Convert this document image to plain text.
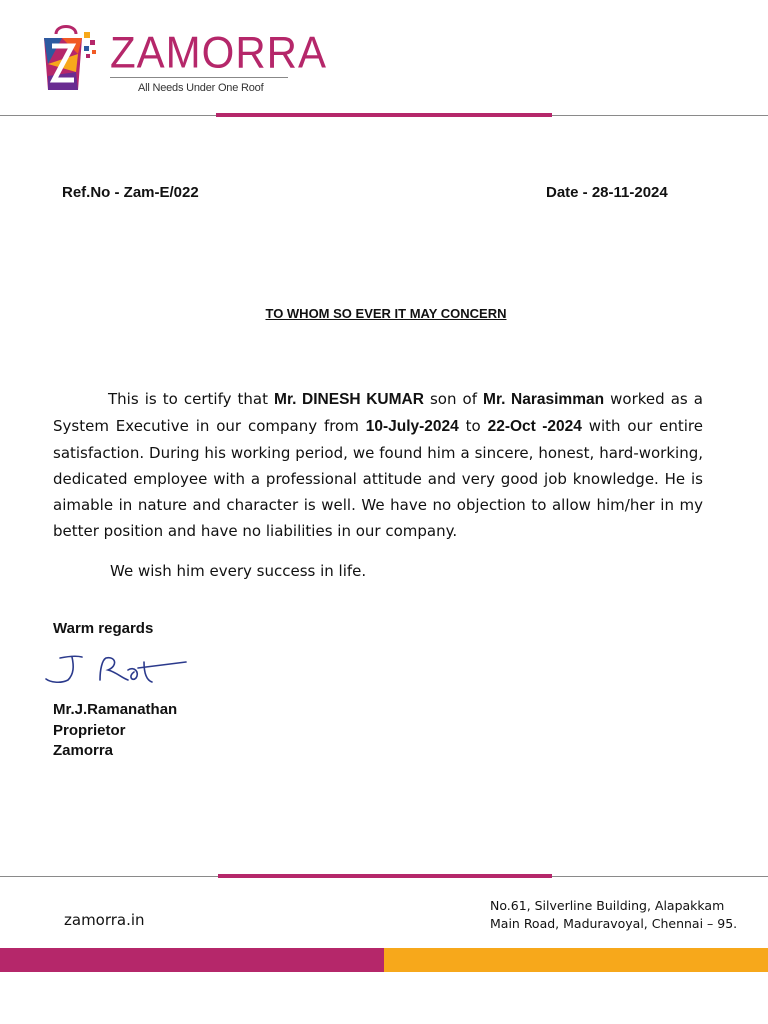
ZAMORRA
All Needs Under One Roof
Ref.No - Zam-E/022	Date - 28-11-2024
TO WHOM SO EVER IT MAY CONCERN

This is to certify that Mr. DINESH KUMAR son of Mr. Narasimman worked as a System Executive in our company from 10-July-2024 to 22-Oct -2024 with our entire satisfaction. During his working period, we found him a sincere, honest, hard-working, dedicated employee with a professional attitude and very good job knowledge. He is aimable in nature and character is well. We have no objection to allow him/her in my better position and have no liabilities in our company.

We wish him every success in life.
Warm regards
Mr.J.Ramanathan
Proprietor
Zamorra
zamorra.in
No.61, Silverline Building, Alapakkam
Main Road, Maduravoyal, Chennai – 95.
